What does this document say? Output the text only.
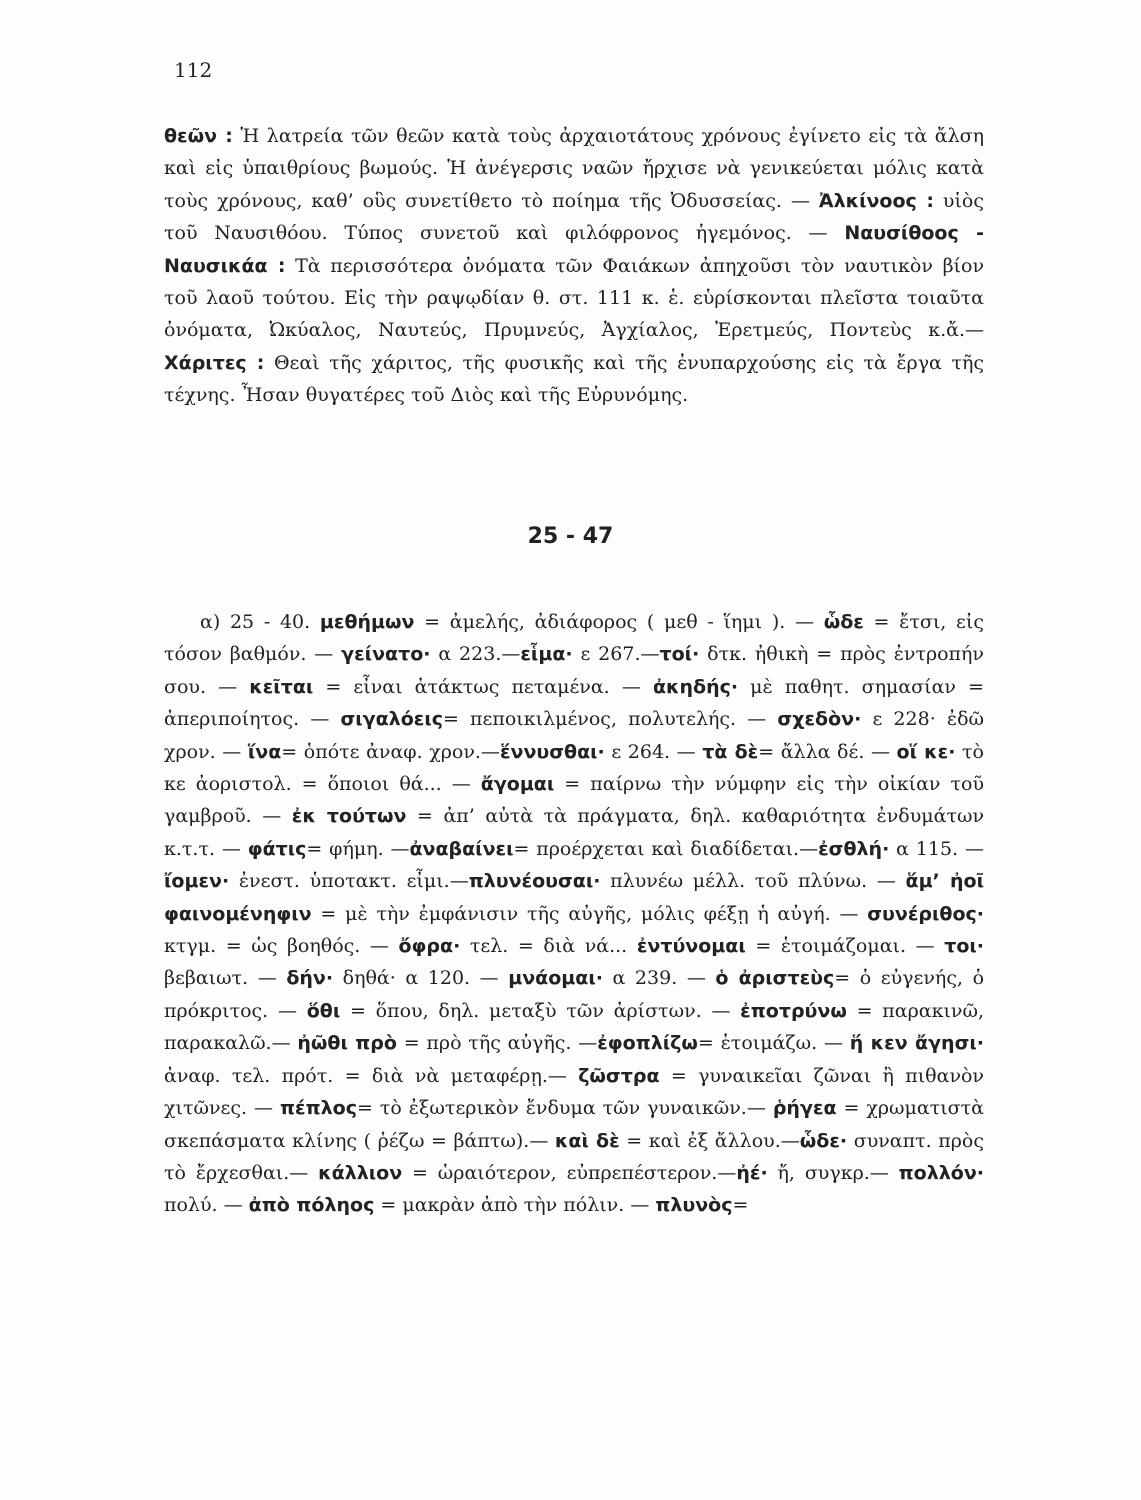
112
θεῶν : Ἡ λατρεία τῶν θεῶν κατὰ τοὺς ἀρχαιοτάτους χρόνους ἐγίνετο εἰς τὰ ἄλση καὶ εἰς ὑπαιθρίους βωμούς. Ἡ ἀνέγερσις ναῶν ἤρχισε νὰ γενικεύεται μόλις κατὰ τοὺς χρόνους, καθ’ οὓς συνετίθετο τὸ ποίημα τῆς Ὀδυσσείας. — Ἀλκίνοος : υἱὸς τοῦ Ναυσιθόου. Τύπος συνετοῦ καὶ φιλόφρονος ἡγεμόνος. — Ναυσίθοος - Ναυσικάα : Τὰ περισσότερα ὀνόματα τῶν Φαιάκων ἀπηχοῦσι τὸν ναυτικὸν βίον τοῦ λαοῦ τούτου. Εἰς τὴν ραψῳδίαν θ. στ. 111 κ. ἑ. εὑρίσκονται πλεῖστα τοιαῦτα ὀνόματα, Ὠκύαλος, Ναυτεύς, Πρυμνεύς, Ἀγχίαλος, Ἐρετμεύς, Ποντεὺς κ.ἄ.— Χάριτες : Θεαὶ τῆς χάριτος, τῆς φυσικῆς καὶ τῆς ἐνυπαρχούσης εἰς τὰ ἔργα τῆς τέχνης. Ἦσαν θυγατέρες τοῦ Διὸς καὶ τῆς Εὐρυνόμης.
25 - 47
α) 25 - 40. μεθήμων = ἀμελής, ἀδιάφορος ( μεθ - ἵημι ). — ὧδε = ἔτσι, εἰς τόσον βαθμόν. — γείνατο· α 223.—εἷμα· ε 267.—τοί· δτκ. ἠθικὴ = πρὸς ἐντροπήν σου. — κεῖται = εἶναι ἀτάκτως πεταμένα. — ἀκηδής· μὲ παθητ. σημασίαν = ἀπεριποίητος. — σιγαλόεις= πεποικιλμένος, πολυτελής. — σχεδὸν· ε 228· ἐδῶ χρον. — ἵνα= ὁπότε ἀναφ. χρον.—ἕννυσθαι· ε 264. — τὰ δὲ= ἄλλα δέ. — οἵ κε· τὸ κε ἀοριστολ. = ὅποιοι θά... — ἄγομαι = παίρνω τὴν νύμφην εἰς τὴν οἰκίαν τοῦ γαμβροῦ. — ἐκ τούτων = ἀπ’ αὐτὰ τὰ πράγματα, δηλ. καθαριότητα ἐνδυμάτων κ.τ.τ. — φάτις= φήμη. —ἀναβαίνει= προέρχεται καὶ διαδίδεται.—ἐσθλή· α 115. —ἴομεν· ἐνεστ. ὑποτακτ. εἶμι.—πλυνέουσαι· πλυνέω μέλλ. τοῦ πλύνω. — ἅμ’ ἠοῖ φαινομένηφιν = μὲ τὴν ἐμφάνισιν τῆς αὐγῆς, μόλις φέξῃ ἡ αὐγή. — συνέριθος· κτγμ. = ὡς βοηθός. — ὄφρα· τελ. = διὰ νά... ἐντύνομαι = ἑτοιμάζομαι. — τοι· βεβαιωτ. — δήν· δηθά· α 120. — μνάομαι· α 239. — ὁ ἀριστεὺς= ὁ εὐγενής, ὁ πρόκριτος. — ὅθι = ὅπου, δηλ. μεταξὺ τῶν ἀρίστων. — ἐποτρύνω = παρακινῶ, παρακαλῶ.— ἠῶθι πρὸ = πρὸ τῆς αὐγῆς. —ἐφοπλίζω= ἑτοιμάζω. — ἥ κεν ἄγησι· ἀναφ. τελ. πρότ. = διὰ νὰ μεταφέρῃ.— ζῶστρα = γυναικεῖαι ζῶναι ἢ πιθανὸν χιτῶνες. — πέπλος= τὸ ἐξωτερικὸν ἔνδυμα τῶν γυναικῶν.— ῥήγεα = χρωματιστὰ σκεπάσματα κλίνης ( ῥέζω = βάπτω).— καὶ δὲ = καὶ ἐξ ἄλλου.—ὧδε· συναπτ. πρὸς τὸ ἔρχεσθαι.— κάλλιον = ὡραιότερον, εὐπρεπέστερον.—ἠέ· ἤ, συγκρ.— πολλόν· πολύ. — ἀπὸ πόληος = μακρὰν ἀπὸ τὴν πόλιν. — πλυνὸς=
